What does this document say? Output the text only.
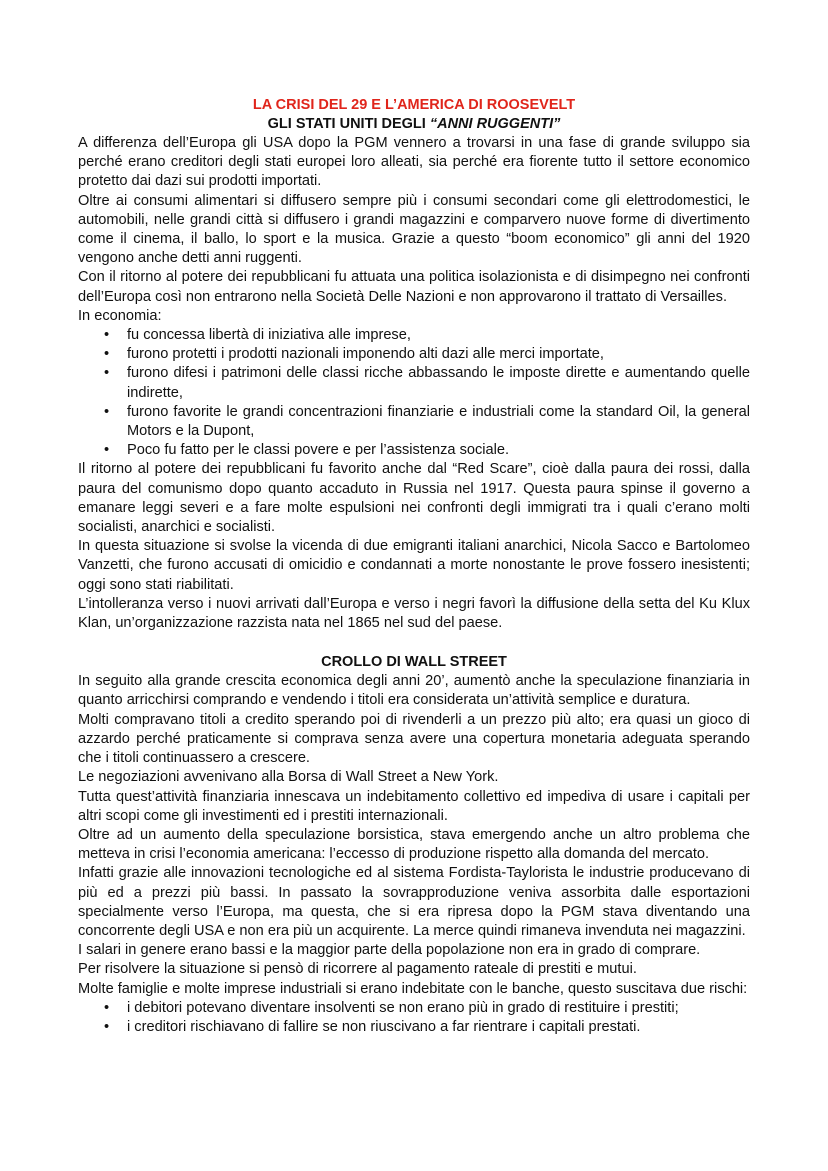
LA CRISI DEL 29 E L’AMERICA DI ROOSEVELT
GLI STATI UNITI DEGLI “ANNI RUGGENTI”

A differenza dell’Europa gli USA dopo la PGM vennero a trovarsi in una fase di grande sviluppo sia perché erano creditori degli stati europei loro alleati, sia perché era fiorente tutto il settore economico protetto dai dazi sui prodotti importati.

Oltre ai consumi alimentari si diffusero sempre più i consumi secondari come gli elettrodomestici, le automobili, nelle grandi città si diffusero i grandi magazzini e comparvero nuove forme di divertimento come il cinema, il ballo, lo sport e la musica. Grazie a questo “boom economico” gli anni del 1920 vengono anche detti anni ruggenti.

Con il ritorno al potere dei repubblicani fu attuata una politica isolazionista e di disimpegno nei confronti dell’Europa così non entrarono nella Società Delle Nazioni e non approvarono il trattato di Versailles.

In economia:

• fu concessa libertà di iniziativa alle imprese,
• furono protetti i prodotti nazionali imponendo alti dazi alle merci importate,
• furono difesi i patrimoni delle classi ricche abbassando le imposte dirette e aumentando quelle indirette,
• furono favorite le grandi concentrazioni finanziarie e industriali come la standard Oil, la general Motors e la Dupont,
• Poco fu fatto per le classi povere e per l’assistenza sociale.

Il ritorno al potere dei repubblicani fu favorito anche dal “Red Scare”, cioè dalla paura dei rossi, dalla paura del comunismo dopo quanto accaduto in Russia nel 1917. Questa paura spinse il governo a emanare leggi severi e a fare molte espulsioni nei confronti degli immigrati tra i quali c’erano molti socialisti, anarchici e socialisti.

In questa situazione si svolse la vicenda di due emigranti italiani anarchici, Nicola Sacco e Bartolomeo Vanzetti, che furono accusati di omicidio e condannati a morte nonostante le prove fossero inesistenti; oggi sono stati riabilitati.

L’intolleranza verso i nuovi arrivati dall’Europa e verso i negri favorì la diffusione della setta del Ku Klux Klan, un’organizzazione razzista nata nel 1865 nel sud del paese.

CROLLO DI WALL STREET

In seguito alla grande crescita economica degli anni 20’, aumentò anche la speculazione finanziaria in quanto arricchirsi comprando e vendendo i titoli era considerata un’attività semplice e duratura.

Molti compravano titoli a credito sperando poi di rivenderli a un prezzo più alto; era quasi un gioco di azzardo perché praticamente si comprava senza avere una copertura monetaria adeguata sperando che i titoli continuassero a crescere.

Le negoziazioni avvenivano alla Borsa di Wall Street a New York.

Tutta quest’attività finanziaria innescava un indebitamento collettivo ed impediva di usare i capitali per altri scopi come gli investimenti ed i prestiti internazionali.

Oltre ad un aumento della speculazione borsistica, stava emergendo anche un altro problema che metteva in crisi l’economia americana: l’eccesso di produzione rispetto alla domanda del mercato.

Infatti grazie alle innovazioni tecnologiche ed al sistema Fordista-Taylorista le industrie producevano di più ed a prezzi più bassi. In passato la sovrapproduzione veniva assorbita dalle esportazioni specialmente verso l’Europa, ma questa, che si era ripresa dopo la PGM stava diventando una concorrente degli USA e non era più un acquirente. La merce quindi rimaneva invenduta nei magazzini.

I salari in genere erano bassi e la maggior parte della popolazione non era in grado di comprare.

Per risolvere la situazione si pensò di ricorrere al pagamento rateale di prestiti e mutui.

Molte famiglie e molte imprese industriali si erano indebitate con le banche, questo suscitava due rischi:

• i debitori potevano diventare insolventi se non erano più in grado di restituire i prestiti;
• i creditori rischiavano di fallire se non riuscivano a far rientrare i capitali prestati.
